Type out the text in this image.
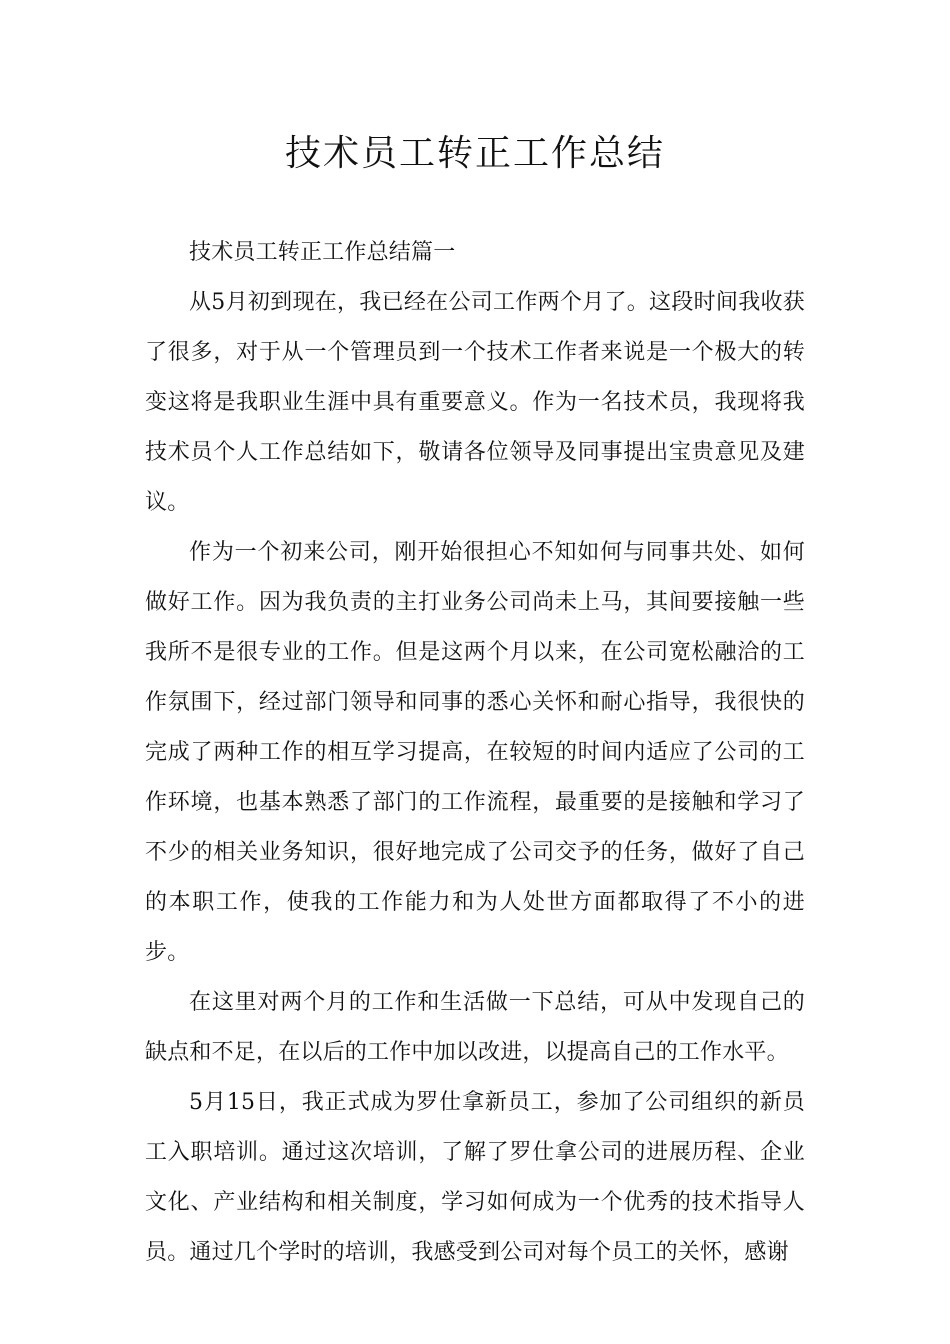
技术员工转正工作总结

技术员工转正工作总结篇一

从5月初到现在，我已经在公司工作两个月了。这段时间我收获了很多，对于从一个管理员到一个技术工作者来说是一个极大的转变这将是我职业生涯中具有重要意义。作为一名技术员，我现将我技术员个人工作总结如下，敬请各位领导及同事提出宝贵意见及建议。

作为一个初来公司，刚开始很担心不知如何与同事共处、如何做好工作。因为我负责的主打业务公司尚未上马，其间要接触一些我所不是很专业的工作。但是这两个月以来，在公司宽松融洽的工作氛围下，经过部门领导和同事的悉心关怀和耐心指导，我很快的完成了两种工作的相互学习提高，在较短的时间内适应了公司的工作环境，也基本熟悉了部门的工作流程，最重要的是接触和学习了不少的相关业务知识，很好地完成了公司交予的任务，做好了自己的本职工作，使我的工作能力和为人处世方面都取得了不小的进步。

在这里对两个月的工作和生活做一下总结，可从中发现自己的缺点和不足，在以后的工作中加以改进，以提高自己的工作水平。

5月15日，我正式成为罗仕拿新员工，参加了公司组织的新员工入职培训。通过这次培训，了解了罗仕拿公司的进展历程、企业文化、产业结构和相关制度，学习如何成为一个优秀的技术指导人员。通过几个学时的培训，我感受到公司对每个员工的关怀，感谢
